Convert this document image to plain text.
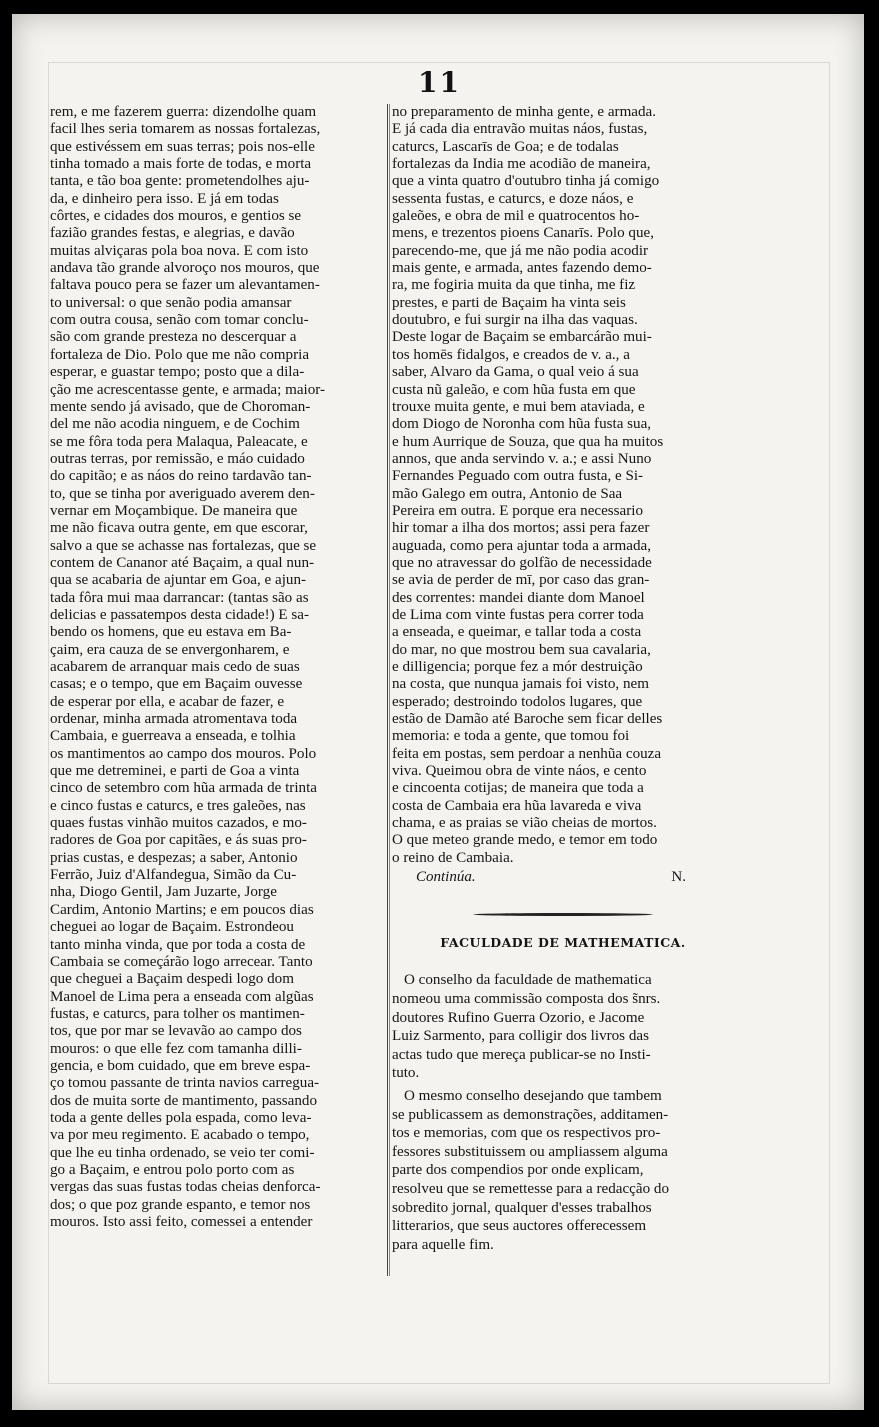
11
rem, e me fazerem guerra: dizendolhe quam
facil lhes seria tomarem as nossas fortalezas,
que estivéssem em suas terras; pois nos-elle
tinha tomado a mais forte de todas, e morta
tanta, e tão boa gente: prometendolhes aju-
da, e dinheiro pera isso. E já em todas
côrtes, e cidades dos mouros, e gentios se
fazião grandes festas, e alegrias, e davão
muitas alviçaras pola boa nova. E com isto
andava tão grande alvoroço nos mouros, que
faltava pouco pera se fazer um alevantamen-
to universal: o que senão podia amansar
com outra cousa, senão com tomar conclu-
são com grande presteza no descerquar a
fortaleza de Dio. Polo que me não compria
esperar, e guastar tempo; posto que a dila-
ção me acrescentasse gente, e armada; maior-
mente sendo já avisado, que de Choroman-
del me não acodia ninguem, e de Cochim
se me fôra toda pera Malaqua, Paleacate, e
outras terras, por remissão, e máo cuidado
do capitão; e as náos do reino tardavão tan-
to, que se tinha por averiguado averem den-
vernar em Moçambique. De maneira que
me não ficava outra gente, em que escorar,
salvo a que se achasse nas fortalezas, que se
contem de Cananor até Baçaim, a qual nun-
qua se acabaria de ajuntar em Goa, e ajun-
tada fôra mui maa darrancar: (tantas são as
delicias e passatempos desta cidade!) E sa-
bendo os homens, que eu estava em Ba-
çaim, era cauza de se envergonharem, e
acabarem de arranquar mais cedo de suas
casas; e o tempo, que em Baçaim ouvesse
de esperar por ella, e acabar de fazer, e
ordenar, minha armada atromentava toda
Cambaia, e guerreava a enseada, e tolhia
os mantimentos ao campo dos mouros. Polo
que me detreminei, e parti de Goa a vinta
cinco de setembro com hũa armada de trinta
e cinco fustas e caturcs, e tres galeões, nas
quaes fustas vinhão muitos cazados, e mo-
radores de Goa por capitães, e ás suas pro-
prias custas, e despezas; a saber, Antonio
Ferrão, Juiz d'Alfandegua, Simão da Cu-
nha, Diogo Gentil, Jam Juzarte, Jorge
Cardim, Antonio Martins; e em poucos dias
cheguei ao logar de Baçaim. Estrondeou
tanto minha vinda, que por toda a costa de
Cambaia se começárão logo arrecear. Tanto
que cheguei a Baçaim despedi logo dom
Manoel de Lima pera a enseada com algũas
fustas, e caturcs, para tolher os mantimen-
tos, que por mar se levavão ao campo dos
mouros: o que elle fez com tamanha dilli-
gencia, e bom cuidado, que em breve espa-
ço tomou passante de trinta navios carregua-
dos de muita sorte de mantimento, passando
toda a gente delles pola espada, como leva-
va por meu regimento. E acabado o tempo,
que lhe eu tinha ordenado, se veio ter comi-
go a Baçaim, e entrou polo porto com as
vergas das suas fustas todas cheias denforca-
dos; o que poz grande espanto, e temor nos
mouros. Isto assi feito, comessei a entender
no preparamento de minha gente, e armada.
E já cada dia entravão muitas náos, fustas,
caturcs, Lascarīs de Goa; e de todalas
fortalezas da India me acodião de maneira,
que a vinta quatro d'outubro tinha já comigo
sessenta fustas, e caturcs, e doze náos, e
galeões, e obra de mil e quatrocentos ho-
mens, e trezentos pioens Canarīs. Polo que,
parecendo-me, que já me não podia acodir
mais gente, e armada, antes fazendo demo-
ra, me fogiria muita da que tinha, me fiz
prestes, e parti de Baçaim ha vinta seis
doutubro, e fui surgir na ilha das vaquas.
Deste logar de Baçaim se embarcárão mui-
tos homēs fidalgos, e creados de v. a., a
saber, Alvaro da Gama, o qual veio á sua
custa nũ galeão, e com hũa fusta em que
trouxe muita gente, e mui bem ataviada, e
dom Diogo de Noronha com hũa fusta sua,
e hum Aurrique de Souza, que qua ha muitos
annos, que anda servindo v. a.; e assi Nuno
Fernandes Peguado com outra fusta, e Si-
mão Galego em outra, Antonio de Saa
Pereira em outra. E porque era necessario
hir tomar a ilha dos mortos; assi pera fazer
auguada, como pera ajuntar toda a armada,
que no atravessar do golfão de necessidade
se avia de perder de mī, por caso das gran-
des correntes: mandei diante dom Manoel
de Lima com vinte fustas pera correr toda
a enseada, e queimar, e tallar toda a costa
do mar, no que mostrou bem sua cavalaria,
e dilligencia; porque fez a mór destruição
na costa, que nunqua jamais foi visto, nem
esperado; destroindo todolos lugares, que
estão de Damão até Baroche sem ficar delles
memoria: e toda a gente, que tomou foi
feita em postas, sem perdoar a nenhũa couza
viva. Queimou obra de vinte náos, e cento
e cincoenta cotijas; de maneira que toda a
costa de Cambaia era hũa lavareda e viva
chama, e as praias se vião cheias de mortos.
O que meteo grande medo, e temor em todo
o reino de Cambaia.
Continúa.	N.
FACULDADE DE MATHEMATICA.
O conselho da faculdade de mathematica
nomeou uma commissão composta dos s̃nrs.
doutores Rufino Guerra Ozorio, e Jacome
Luiz Sarmento, para colligir dos livros das
actas tudo que mereça publicar-se no Insti-
tuto.
O mesmo conselho desejando que tambem
se publicassem as demonstrações, additamen-
tos e memorias, com que os respectivos pro-
fessores substituissem ou ampliassem alguma
parte dos compendios por onde explicam,
resolveu que se remettesse para a redacção do
sobredito jornal, qualquer d'esses trabalhos
litterarios, que seus auctores offerecessem
para aquelle fim.
